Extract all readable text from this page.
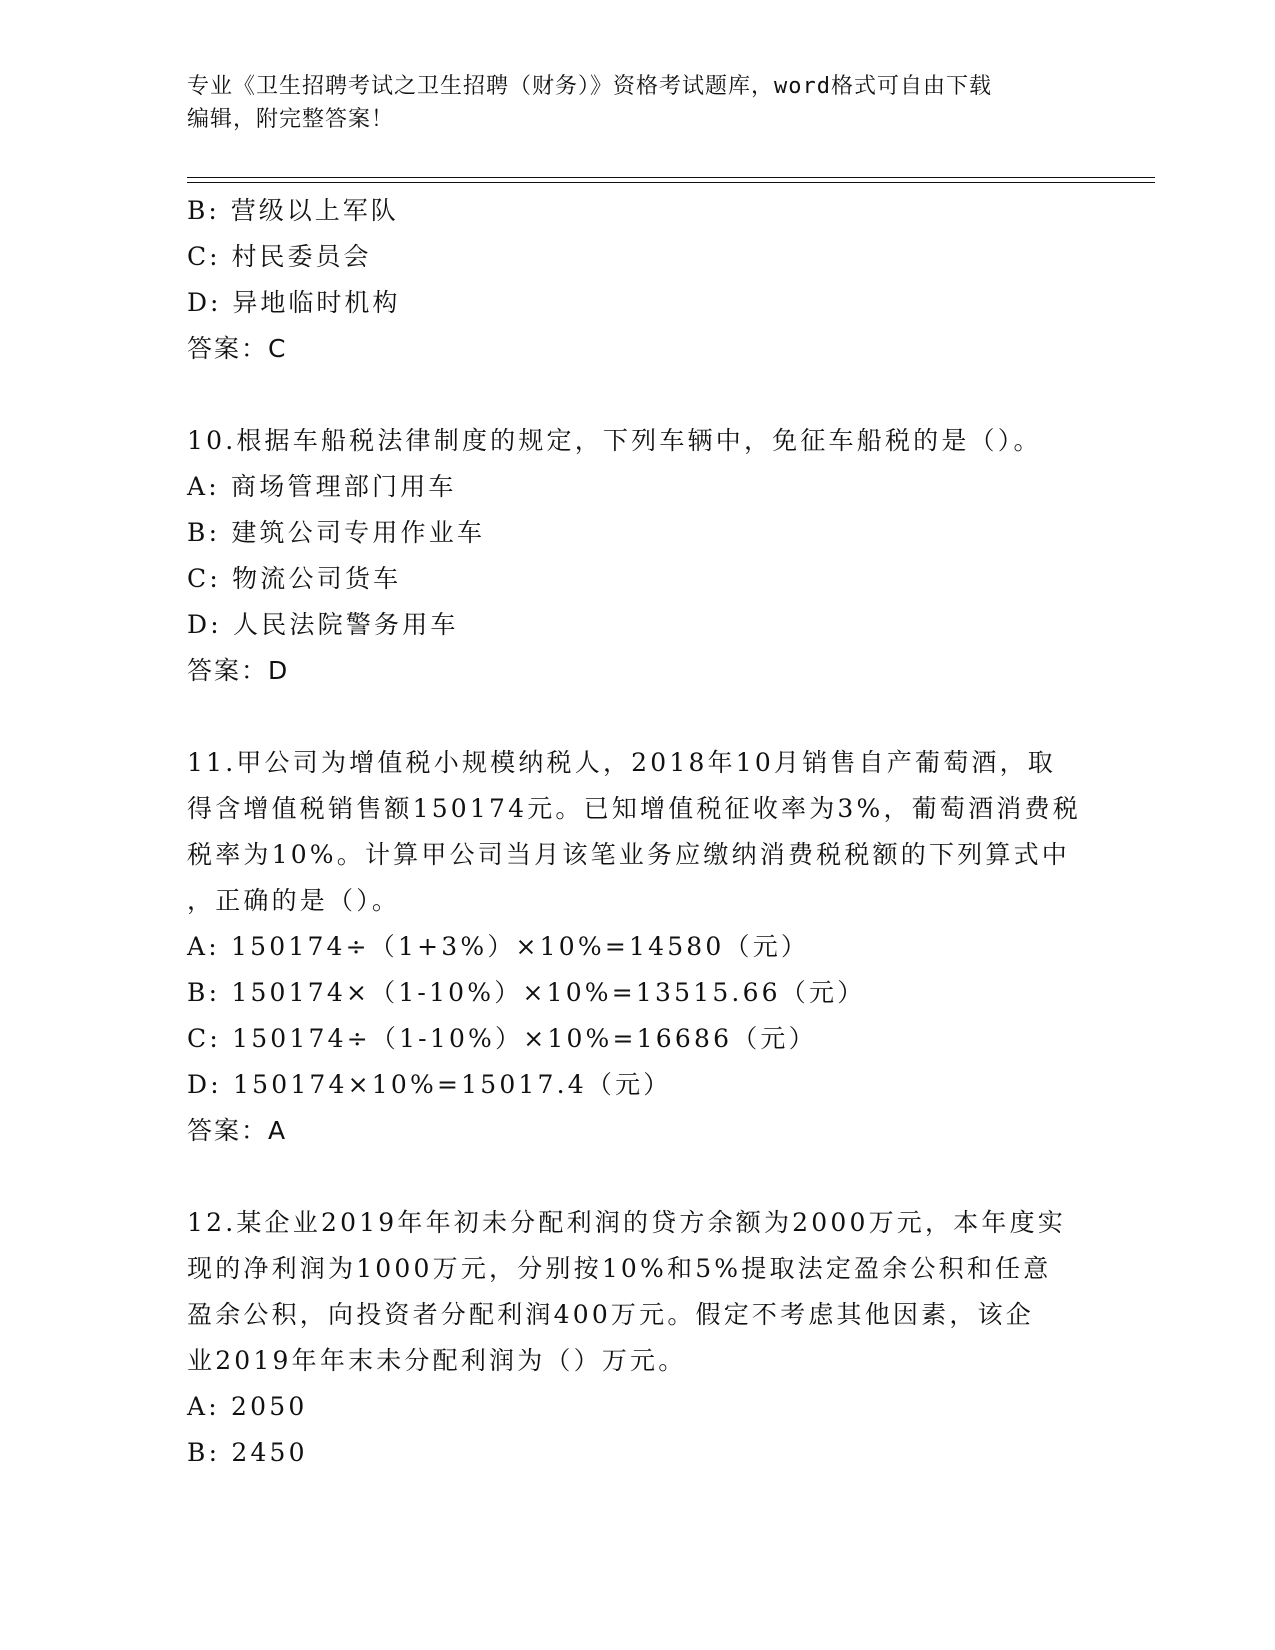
专业《卫生招聘考试之卫生招聘（财务）》资格考试题库，word格式可自由下载
编辑，附完整答案！
B: 营级以上军队
C: 村民委员会
D: 异地临时机构
答案：C
10.根据车船税法律制度的规定，下列车辆中，免征车船税的是（）。
A: 商场管理部门用车
B: 建筑公司专用作业车
C: 物流公司货车
D: 人民法院警务用车
答案：D
11.甲公司为增值税小规模纳税人，2018年10月销售自产葡萄酒，取
得含增值税销售额150174元。已知增值税征收率为3%，葡萄酒消费税
税率为10%。计算甲公司当月该笔业务应缴纳消费税税额的下列算式中
，正确的是（）。
A: 150174÷（1+3%）×10%=14580（元）
B: 150174×（1-10%）×10%=13515.66（元）
C: 150174÷（1-10%）×10%=16686（元）
D: 150174×10%=15017.4（元）
答案：A
12.某企业2019年年初未分配利润的贷方余额为2000万元，本年度实
现的净利润为1000万元，分别按10%和5%提取法定盈余公积和任意
盈余公积，向投资者分配利润400万元。假定不考虑其他因素，该企
业2019年年末未分配利润为（）万元。
A: 2050
B: 2450
